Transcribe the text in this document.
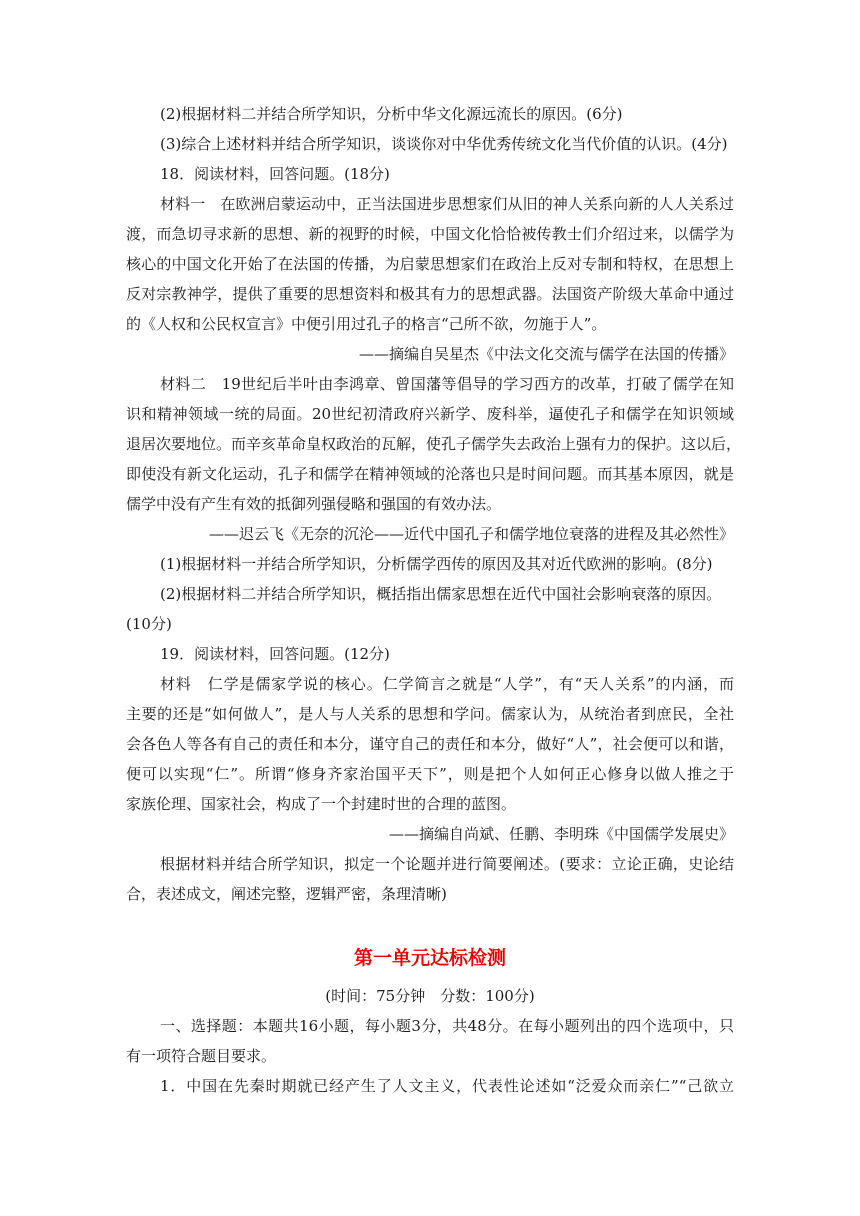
(2)根据材料二并结合所学知识，分析中华文化源远流长的原因。(6分)
(3)综合上述材料并结合所学知识，谈谈你对中华优秀传统文化当代价值的认识。(4分)
18．阅读材料，回答问题。(18分)
材料一　在欧洲启蒙运动中，正当法国进步思想家们从旧的神人关系向新的人人关系过
渡，而急切寻求新的思想、新的视野的时候，中国文化恰恰被传教士们介绍过来，以儒学为
核心的中国文化开始了在法国的传播，为启蒙思想家们在政治上反对专制和特权，在思想上
反对宗教神学，提供了重要的思想资料和极其有力的思想武器。法国资产阶级大革命中通过
的《人权和公民权宣言》中便引用过孔子的格言“己所不欲，勿施于人”。
——摘编自吴星杰《中法文化交流与儒学在法国的传播》
材料二　19世纪后半叶由李鸿章、曾国藩等倡导的学习西方的改革，打破了儒学在知
识和精神领域一统的局面。20世纪初清政府兴新学、废科举，逼使孔子和儒学在知识领域
退居次要地位。而辛亥革命皇权政治的瓦解，使孔子儒学失去政治上强有力的保护。这以后，
即使没有新文化运动，孔子和儒学在精神领域的沦落也只是时间问题。而其基本原因，就是
儒学中没有产生有效的抵御列强侵略和强国的有效办法。
——迟云飞《无奈的沉沦——近代中国孔子和儒学地位衰落的进程及其必然性》
(1)根据材料一并结合所学知识，分析儒学西传的原因及其对近代欧洲的影响。(8分)
(2)根据材料二并结合所学知识，概括指出儒家思想在近代中国社会影响衰落的原因。
(10分)
19．阅读材料，回答问题。(12分)
材料　仁学是儒家学说的核心。仁学简言之就是“人学”，有“天人关系”的内涵，而
主要的还是“如何做人”，是人与人关系的思想和学问。儒家认为，从统治者到庶民，全社
会各色人等各有自己的责任和本分，谨守自己的责任和本分，做好“人”，社会便可以和谐，
便可以实现“仁”。所谓“修身齐家治国平天下”，则是把个人如何正心修身以做人推之于
家族伦理、国家社会，构成了一个封建时世的合理的蓝图。
——摘编自尚斌、任鹏、李明珠《中国儒学发展史》
根据材料并结合所学知识，拟定一个论题并进行简要阐述。(要求：立论正确，史论结
合，表述成文，阐述完整，逻辑严密，条理清晰)
第一单元达标检测
(时间：75分钟　分数：100分)
一、选择题：本题共16小题，每小题3分，共48分。在每小题列出的四个选项中，只
有一项符合题目要求。
1．中国在先秦时期就已经产生了人文主义，代表性论述如“泛爱众而亲仁”“己欲立
